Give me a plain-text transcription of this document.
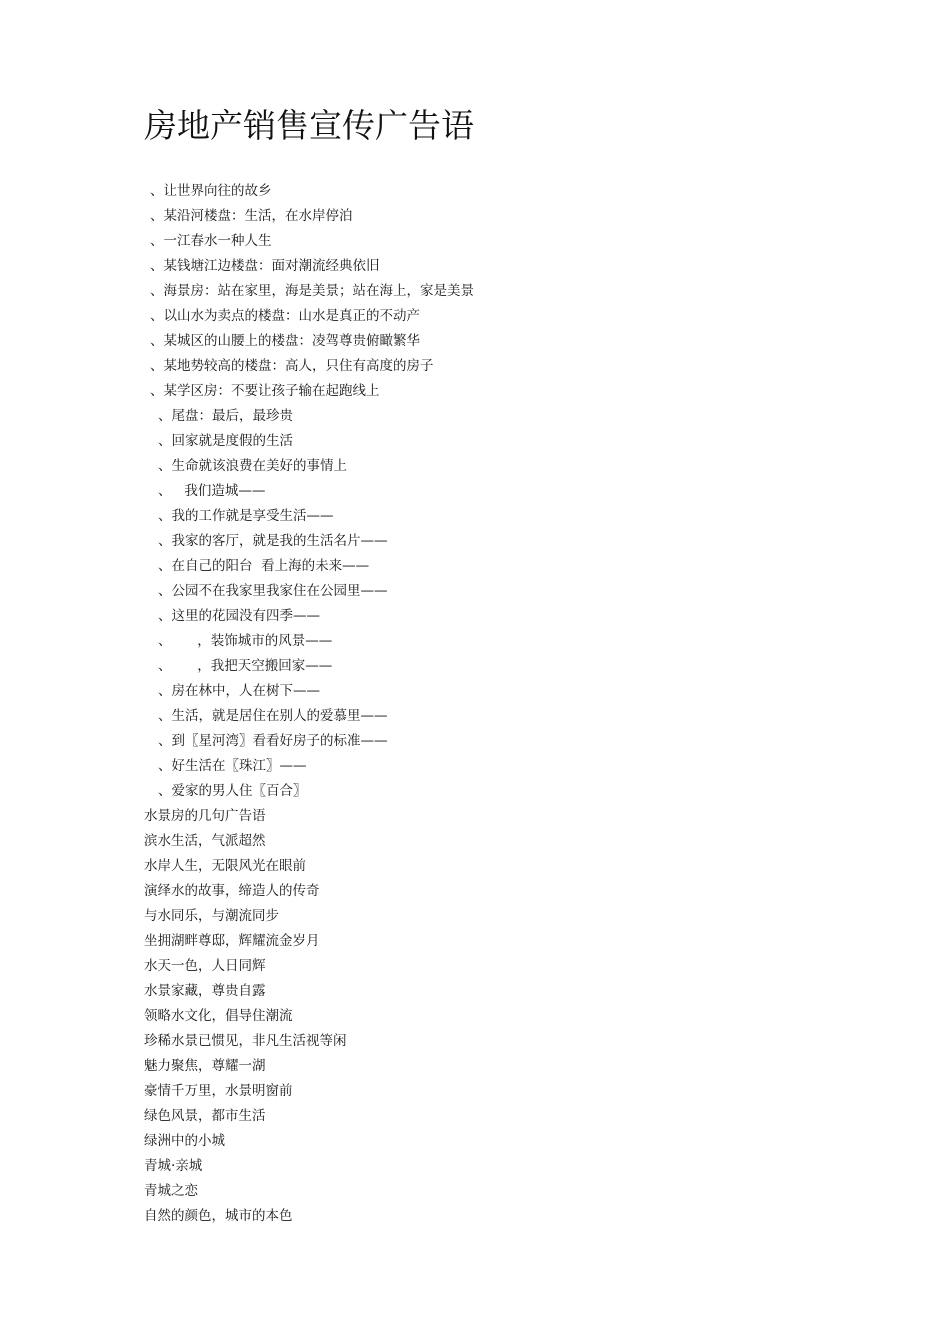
房地产销售宣传广告语
、让世界向往的故乡
、某沿河楼盘：生活，在水岸停泊
、一江春水一种人生
、某钱塘江边楼盘：面对潮流经典依旧
、海景房：站在家里，海是美景；站在海上，家是美景
、以山水为卖点的楼盘：山水是真正的不动产
、某城区的山腰上的楼盘：凌驾尊贵俯瞰繁华
、某地势较高的楼盘：高人，只住有高度的房子
、某学区房：不要让孩子输在起跑线上
、尾盘：最后，最珍贵
、回家就是度假的生活
、生命就该浪费在美好的事情上
、   我们造城——
、我的工作就是享受生活——
、我家的客厅，就是我的生活名片——
、在自己的阳台  看上海的未来——
、公园不在我家里我家住在公园里——
、这里的花园没有四季——
、      ，装饰城市的风景——
、      ，我把天空搬回家——
、房在林中，人在树下——
、生活，就是居住在别人的爱慕里——
、到〖星河湾〗看看好房子的标准——
、好生活在〖珠江〗——
、爱家的男人住〖百合〗
水景房的几句广告语
滨水生活，气派超然
水岸人生，无限风光在眼前
演绎水的故事，缔造人的传奇
与水同乐，与潮流同步
坐拥湖畔尊邸，辉耀流金岁月
水天一色，人日同辉
水景家藏，尊贵自露
领略水文化，倡导住潮流
珍稀水景已惯见，非凡生活视等闲
魅力聚焦，尊耀一湖
豪情千万里，水景明窗前
绿色风景，都市生活
绿洲中的小城
青城·亲城
青城之恋
自然的颜色，城市的本色
